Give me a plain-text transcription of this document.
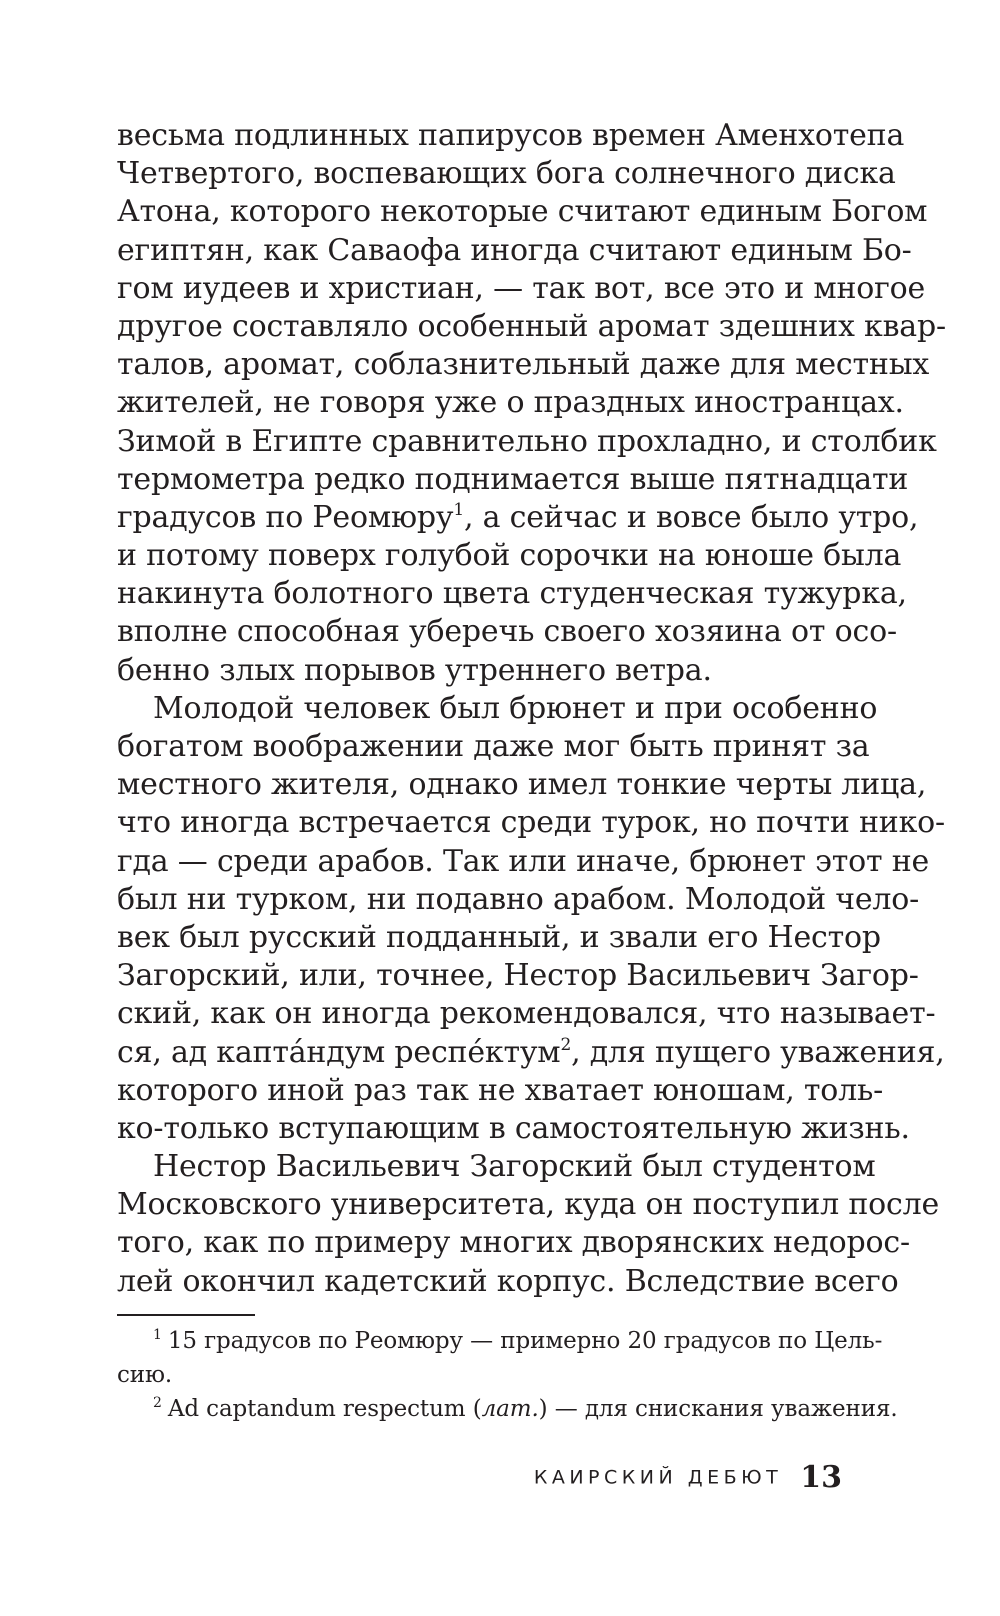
весьма подлинных папирусов времен Аменхотепа
Четвертого, воспевающих бога солнечного диска
Атона, которого некоторые считают единым Богом
египтян, как Саваофа иногда считают единым Бо-
гом иудеев и христиан, — так вот, все это и многое
другое составляло особенный аромат здешних квар-
талов, аромат, соблазнительный даже для местных
жителей, не говоря уже о праздных иностранцах.
Зимой в Египте сравнительно прохладно, и столбик
термометра редко поднимается выше пятнадцати
градусов по Реомюру$^1$, а сейчас и вовсе было утро,
и потому поверх голубой сорочки на юноше была
накинута болотного цвета студенческая тужурка,
вполне способная уберечь своего хозяина от осо-
бенно злых порывов утреннего ветра.
Молодой человек был брюнет и при особенно
богатом воображении даже мог быть принят за
местного жителя, однако имел тонкие черты лица,
что иногда встречается среди турок, но почти нико-
гда — среди арабов. Так или иначе, брюнет этот не
был ни турком, ни подавно арабом. Молодой чело-
век был русский подданный, и звали его Нестор
Загорский, или, точнее, Нестор Васильевич Загор-
ский, как он иногда рекомендовался, что называет-
ся, ад капта́ндум респе́ктум$^2$, для пущего уважения,
которого иной раз так не хватает юношам, толь-
ко-только вступающим в самостоятельную жизнь.
Нестор Васильевич Загорский был студентом
Московского университета, куда он поступил после
того, как по примеру многих дворянских недорос-
лей окончил кадетский корпус. Вследствие всего
$^1$ 15 градусов по Реомюру — примерно 20 градусов по Цель-
сию.
$^2$ Ad captandum respectum (лат.) — для снискания уважения.
КАИРСКИЙ ДЕБЮТ 13
